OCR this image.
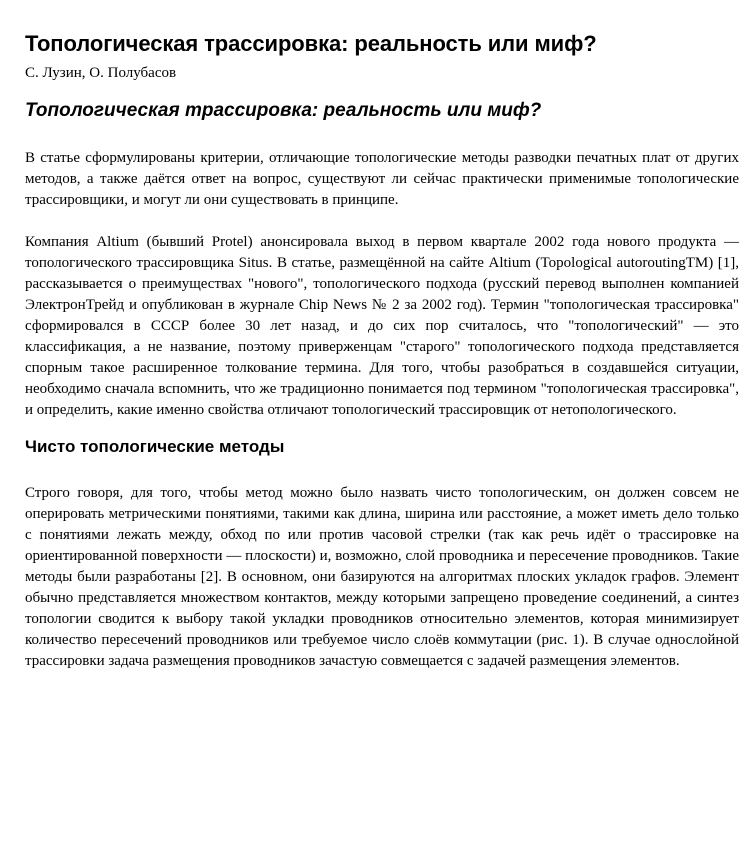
Топологическая трассировка: реальность или миф?

С. Лузин, О. Полубасов

Топологическая трассировка: реальность или миф?

В статье сформулированы критерии, отличающие топологические методы разводки печатных плат от других методов, а также даётся ответ на вопрос, существуют ли сейчас практически применимые топологические трассировщики, и могут ли они существовать в принципе.

Компания Altium (бывший Protel) анонсировала выход в первом квартале 2002 года нового продукта — топологического трассировщика Situs. В статье, размещённой на сайте Altium (Topological autoroutingTM) [1], рассказывается о преимуществах "нового", топологического подхода (русский перевод выполнен компанией ЭлектронТрейд и опубликован в журнале Chip News № 2 за 2002 год). Термин "топологическая трассировка" сформировался в СССР более 30 лет назад, и до сих пор считалось, что "топологический" — это классификация, а не название, поэтому приверженцам "старого" топологического подхода представляется спорным такое расширенное толкование термина. Для того, чтобы разобраться в создавшейся ситуации, необходимо сначала вспомнить, что же традиционно понимается под термином "топологическая трассировка", и определить, какие именно свойства отличают топологический трассировщик от нетопологического.

Чисто топологические методы

Строго говоря, для того, чтобы метод можно было назвать чисто топологическим, он должен совсем не оперировать метрическими понятиями, такими как длина, ширина или расстояние, а может иметь дело только с понятиями лежать между, обход по или против часовой стрелки (так как речь идёт о трассировке на ориентированной поверхности — плоскости) и, возможно, слой проводника и пересечение проводников. Такие методы были разработаны [2]. В основном, они базируются на алгоритмах плоских укладок графов. Элемент обычно представляется множеством контактов, между которыми запрещено проведение соединений, а синтез топологии сводится к выбору такой укладки проводников относительно элементов, которая минимизирует количество пересечений проводников или требуемое число слоёв коммутации (рис. 1). В случае однослойной трассировки задача размещения проводников зачастую совмещается с задачей размещения элементов.
